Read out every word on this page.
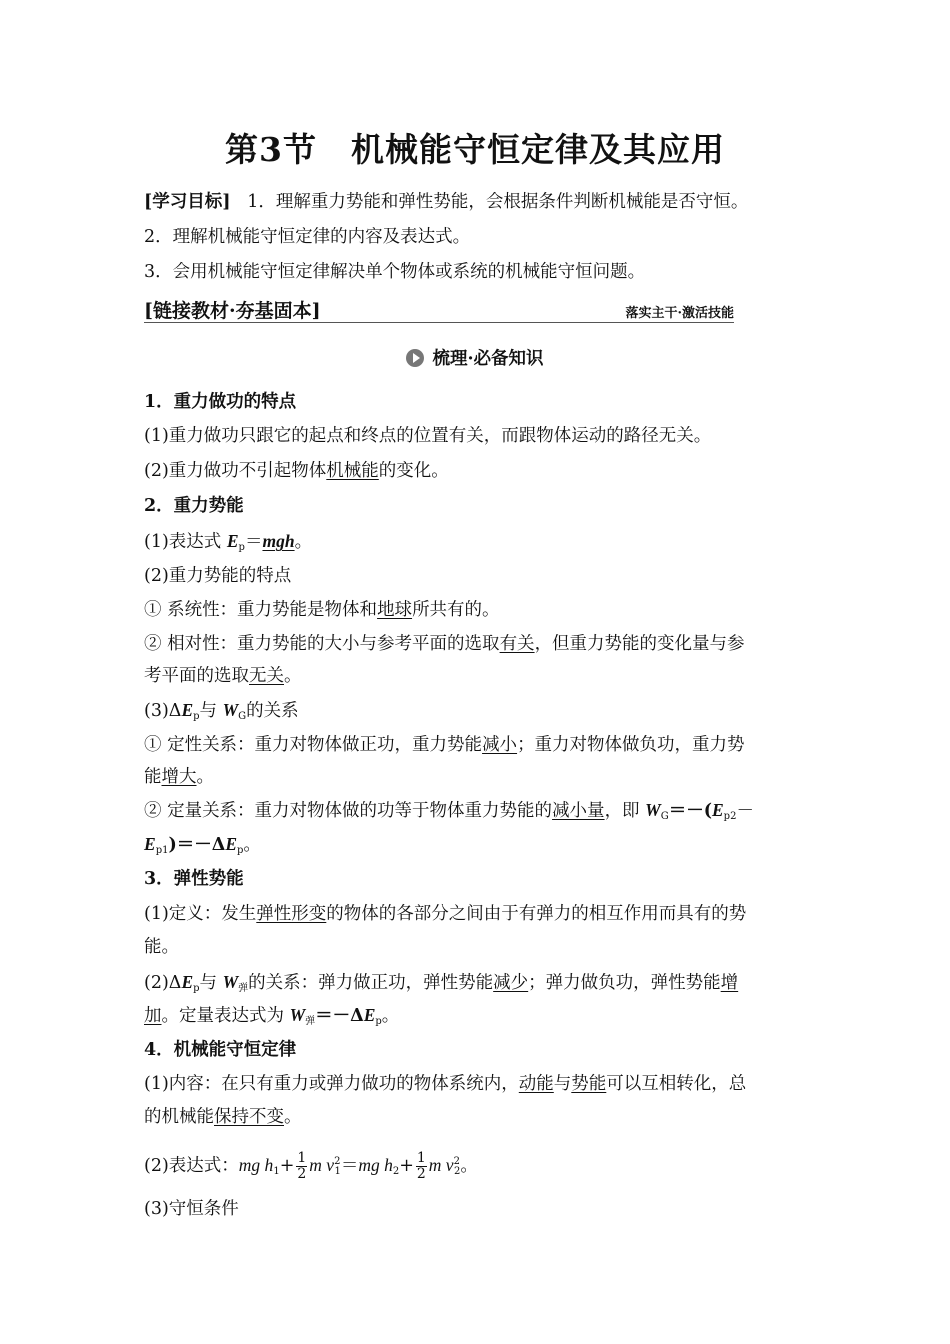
第3节　机械能守恒定律及其应用
[学习目标] 1．理解重力势能和弹性势能，会根据条件判断机械能是否守恒。
2．理解机械能守恒定律的内容及表达式。
3．会用机械能守恒定律解决单个物体或系统的机械能守恒问题。
[链接教材·夯基固本]	落实主干·激活技能
梳理·必备知识
1．重力做功的特点
(1)重力做功只跟它的起点和终点的位置有关，而跟物体运动的路径无关。
(2)重力做功不引起物体机械能的变化。
2．重力势能
(1)表达式 $E_p=mgh$。
(2)重力势能的特点
① 系统性：重力势能是物体和地球所共有的。
② 相对性：重力势能的大小与参考平面的选取有关，但重力势能的变化量与参
考平面的选取无关。
$(3)\Delta E_p$与 $W_G$的关系
① 定性关系：重力对物体做正功，重力势能减小；重力对物体做负功，重力势
能增大。
② 定量关系：重力对物体做的功等于物体重力势能的减小量，即 $W_G=-(E_{p2}-$
$E_{p1})=-\Delta E_p$。
3．弹性势能
(1)定义：发生弹性形变的物体的各部分之间由于有弹力的相互作用而具有的势
能。
$(2)\Delta E_p$与 $W_弹$的关系：弹力做正功，弹性势能减少；弹力做负功，弹性势能增
加。定量表达式为 $W_弹=-\Delta E_p$。
4．机械能守恒定律
(1)内容：在只有重力或弹力做功的物体系统内，动能与势能可以互相转化，总
的机械能保持不变。
(2)表达式：mg $h_1+ \frac{1}{2}$ m $v^2_1=mg$ $h_2+ \frac{1}{2}$ m $v^2_2$。
(3)守恒条件
